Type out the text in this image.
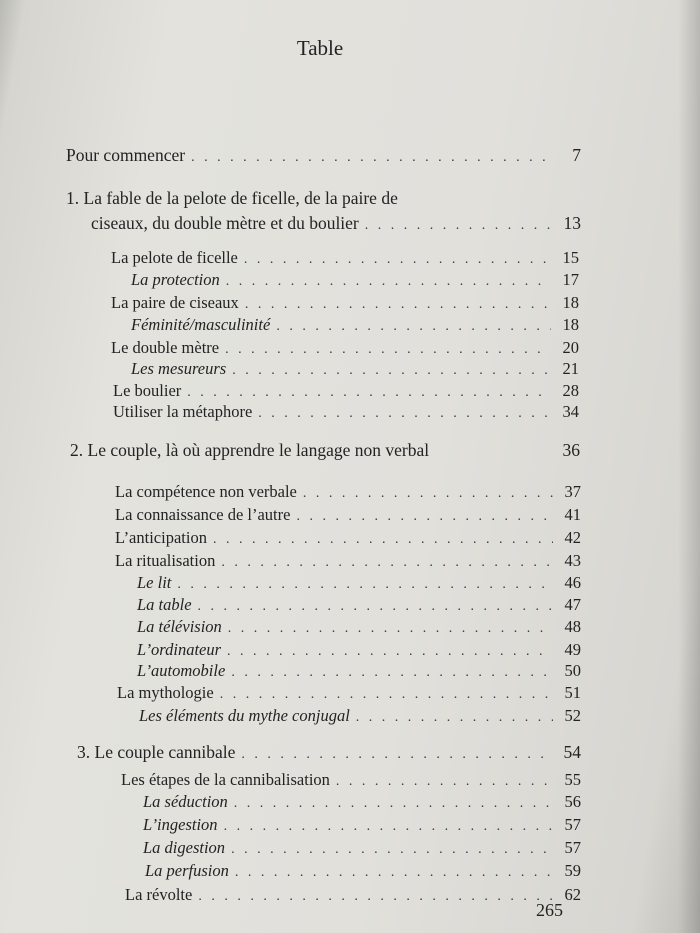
Table
Pour commencer . . .	7
1. La fable de la pelote de ficelle, de la paire de
ciseaux, du double mètre et du boulier . . .	13
La pelote de ficelle . . .	15
La protection . . .	17
La paire de ciseaux . . .	18
Féminité/masculinité . . .	18
Le double mètre . . .	20
Les mesureurs . . .	21
Le boulier . . .	28
Utiliser la métaphore . . .	34
2. Le couple, là où apprendre le langage non verbal	36
La compétence non verbale . . .	37
La connaissance de l’autre . . .	41
L’anticipation . . .	42
La ritualisation . . .	43
Le lit . . .	46
La table . . .	47
La télévision . . .	48
L’ordinateur . . .	49
L’automobile . . .	50
La mythologie . . .	51
Les éléments du mythe conjugal . . .	52
3. Le couple cannibale . . .	54
Les étapes de la cannibalisation . . .	55
La séduction . . .	56
L’ingestion . . .	57
La digestion . . .	57
La perfusion . . .	59
La révolte . . .	62
265
